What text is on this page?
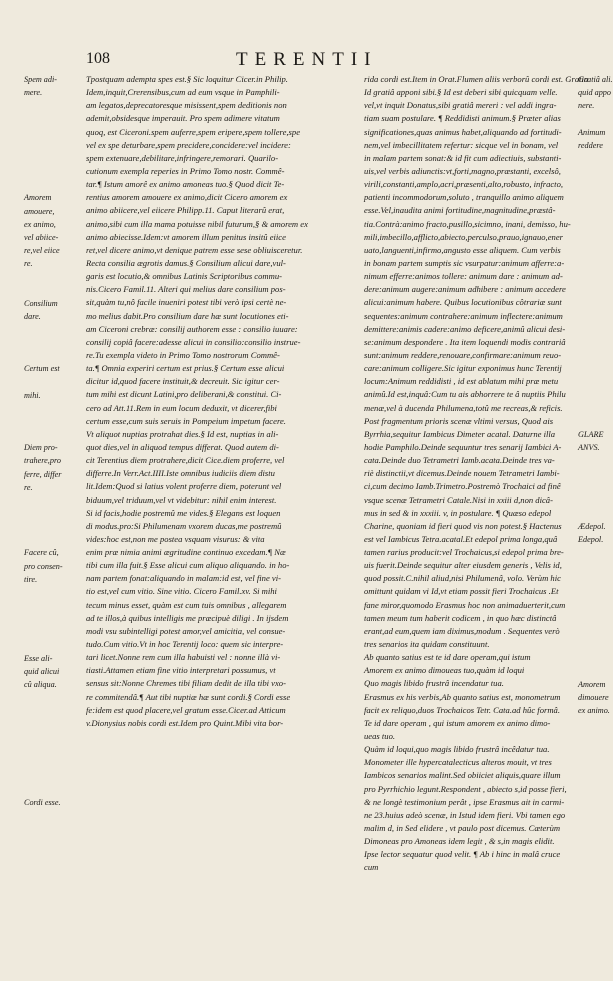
108	TERENTII
Tpostquam adempta spes est.§ Sic loquitur Cicer.in Philip.
Idem,inquit,Crerensibus,cum ad eum vsque in Pamphili-
am legatos,deprecatoresque misissent,spem deditionis non
ademit,obsidesque imperauit. Pro spem adimere vitatum
quoq, est Ciceroni.spem auferre,spem eripere,spem tollere,spe
vel ex spe deturbare,spem precidere,concidere:vel incidere:
spem extenuare,debilitare,infringere,remorari. Quarilo-
cutionum exempla reperies in Primo Tomo nostr. Commê-
tar.¶ Istum amorê ex animo amoneas tuo.§ Quod dicit Te-
rentius amorem amouere ex animo,dicit Cicero amorem ex
animo abiicere,vel eiicere Philipp.11. Caput literarû erat,
animo,sibi cum illa mama potuisse nibil futurum,§ & amorem ex
animo abiecisse.Idem:vt amorem illum penitus insitû eiice
ret,vel dicere animo,vt denique patrem esse sese obliuisceretur.
Recta consilia ægrotis damus.§ Consilium alicui dare,vul-
garis est locutio,& omnibus Latinis Scriptoribus commu-
nis.Cicero Famil.11. Alteri qui melius dare consilium pos-
sit,quàm tu,nô facile inueniri potest tibi verò ipsi certè ne-
mo melius dabit.Pro consilium dare hæ sunt locutiones eti-
am Ciceroni crebræ: consilij authorem esse : consilio iuuare:
consilij copiâ facere:adesse alicui in consilio:consilio instrue-
re.Tu exempla videto in Primo Tomo nostrorum Commê-
ta.¶ Omnia experiri certum est prius.§ Certum esse alicui
dicitur id,quod facere instituit,& decreuit. Sic igitur cer-
tum mihi est dicunt Latini,pro deliberani,& constitui. Ci-
cero ad Att.11.Rem in eum locum deduxit, vt dicerer,fibi
certum esse,cum suis seruis in Pompeium impetum facere.
Vt aliquot nuptias protrahat dies.§ Id est, nuptias in ali-
quot dies,vel in aliquod tempus differat. Quod autem di-
cit Terentius diem protrahere,dicit Cice.diem proferre, vel
differre.In Verr.Act.IIII.Iste omnibus iudiciis diem distu
lit.Idem:Quod si latius volent proferre diem, poterunt vel
biduum,vel triduum,vel vt videbitur: nihil enim interest.
Si id facis,hodie postremû me vides.§ Elegans est loquen
di modus.pro:Si Philumenam vxorem ducas,me postremû
vides:hoc est,non me postea vsquam visurus: & vita
enim præ nimia animi ægritudine continuo excedam.¶ Næ
tibi cum illa fuit.§ Esse alicui cum aliquo aliquando. in ho-
nam partem fonat:aliquando in malam:id est, vel fine vi-
tio est,vel cum vitio. Sine vitio. Cicero Famil.xv. Si mihi
tecum minus esset, quàm est cum tuis omnibus , allegarem
ad te illos,à quibus intelligis me præcipuè diligi . In ijsdem
modi vsu subintelligi potest amor,vel amicitia, vel consue-
tudo.Cum vitio.Vt in hoc Terentij loco: quem sic interpre-
tari licet.Nonne rem cum illa habuisti vel : nonne illà vi-
tiasti.Attamen etiam fine vitio interpretari possumus, vt
sensus sit:Nonne Chremes tibi filiam dedit de illa tibi vxo-
re commitendâ.¶ Aut tibi nuptiæ hæ sunt cordi.§ Cordi esse
fe:idem est quod placere,vel gratum esse.Cicer.ad Atticum
v.Dionysius nobis cordi est.Idem pro Quint.Mibi vita bor-
rida cordi est.Item in Orat.Flumen aliis verborû cordi est. Gratia
Id gratiâ apponi sibi.§ Id est deberi sibi quicquam velle.
vel,vt inquit Donatus,sibi gratiâ mereri : vel addi ingra-
tiam suam postulare. ¶ Reddidisti animum.§ Præter alias
significationes,quas animus habet,aliquando ad fortitudi-
nem,vel imbecillitatem refertur: sicque vel in bonam, vel
in malam partem sonat:& id fit cum adiectiuis, substanti-
uis,vel verbis adiunctis:vt,forti,magno,præstanti, excelsô,
virili,constanti,amplo,acri,præsenti,alto,robusto, infracto,
patienti incommodorum,soluto , tranquillo animo aliquem
esse.Vel,inaudita animi fortitudine,magnitudine,præstâ-
tia.Contrà:animo fracto,pusillo,sicimno, inani, demisso, hu-
mili,imbecillo,afflicto,abiecto,perculso,prauo,ignauo,ener
uato,languenti,infirmo,angusto esse aliquem. Cum verbis
in bonam partem sumptis sic vsurpatur:animum afferre:a-
nimum efferre:animos tollere: animum dare : animum ad-
dere:animum augere:animum adhibere : animum accedere
alicui:animum habere. Quibus locutionibus côtrariæ sunt
sequentes:animum contrahere:animum inflectere:animum
demittere:animis cadere:animo deficere,animû alicui desi-
se:animum despondere . Ita item loquendi modis contrariâ
sunt:animum reddere,renouare,confirmare:animum reuo-
care:animum colligere.Sic igitur exponimus hunc Terentij
locum:Animum reddidisti , id est ablatum mihi præ metu
animû.Id est,inquâ:Cum tu ais abhorrere te â nuptiis Philu
menæ,vel à ducenda Philumena,totû me recreas,& reficis.
Post fragmentum prioris scenæ vltimi versus, Quod ais
Byrrhia,sequitur Iambicus Dimeter acatal. Daturne illa
hodie Pamphilo.Deinde sequuntur tres senarij Iambici A-
cata.Deinde duo Tetrametri Iamb.acata.Deinde tres va-
riè distinctii,vt dicemus.Deinde nouem Tetrametri Iambi-
ci,cum decimo Iamb.Trimetro.Postremò Trochaici ad finê
vsque scenæ Tetrametri Catale.Nisi in xxiii d,non dicâ-
mus in sed & in xxxiii. v, in postulare. ¶ Quæso edepol
Charine, quoniam id fieri quod vis non potest.§ Hactenus
est vel Iambicus Tetra.acatal.Et edepol prima longa,quâ
tamen rarius producit:vel Trochaicus,si edepol prima bre-
uis fuerit.Deinde sequitur alter eiusdem generis , Velis id,
quod possit.C.nihil aliud,nisi Philumenâ, volo. Verùm hic
omittunt quidam vi Id,vt etiam possit fieri Trochaicus .Et
fane miror,quomodo Erasmus hoc non animaduerterit,cum
tamen meum tum haberit codicem , in quo hæc distinctâ
erant,ad eum,quem iam diximus,modum . Sequentes verò
tres senarios ita quidam constituunt.
Ab quanto satius est te id dare operam,qui istum
Amorem ex animo dimoueas tuo,quàm id loqui
Quo magis libido frustrâ incendatur tua.
Erasmus ex his verbis,Ab quanto satius est, monometrum
facit ex reliquo,duos Trochaicos Tetr. Cata.ad hûc formâ.
Te id dare operam , qui istum amorem ex animo dimo-
ueas tuo.
Quàm id loqui,quo magis libido frustrâ incêdatur tua.
Monometer ille hypercatalecticus alteros mouit, vt tres
Iambicos senarios malint.Sed obiiciet aliquis,quare illum
pro Pyrrhichio legunt.Respondent , abiecto s,id posse fieri,
& ne longè testimonium perât , ipse Erasmus ait in carmi-
ne 23.huius adeò scenæ, in Istud idem fieri. Vbi tamen ego
malim d, in Sed elidere , vt paulo post dicemus. Cæterùm
Dimoneas pro Amoneas idem legit , & s,in magis elidit.
Ipse lector sequatur quod velit. ¶ Ab i hinc in malâ cruce
cum
Spem adi-
mere.
Amorem
amouere,
ex animo,
vel abiice-
re,vel eiice
re.
Consilium
dare.
Certum est
mihi.
Diem pro-
trahere,pro
ferre, differ
re.
Facere cû,
pro consen-
tire.
Esse ali-
quid alicui
cû aliqua.
Cordi esse.
Gratiâ ali.
quid appo
nere.
Animum
reddere
GLARE
ANVS.
Ædepol.
Edepol.
Amorem
dimouere
ex animo.
